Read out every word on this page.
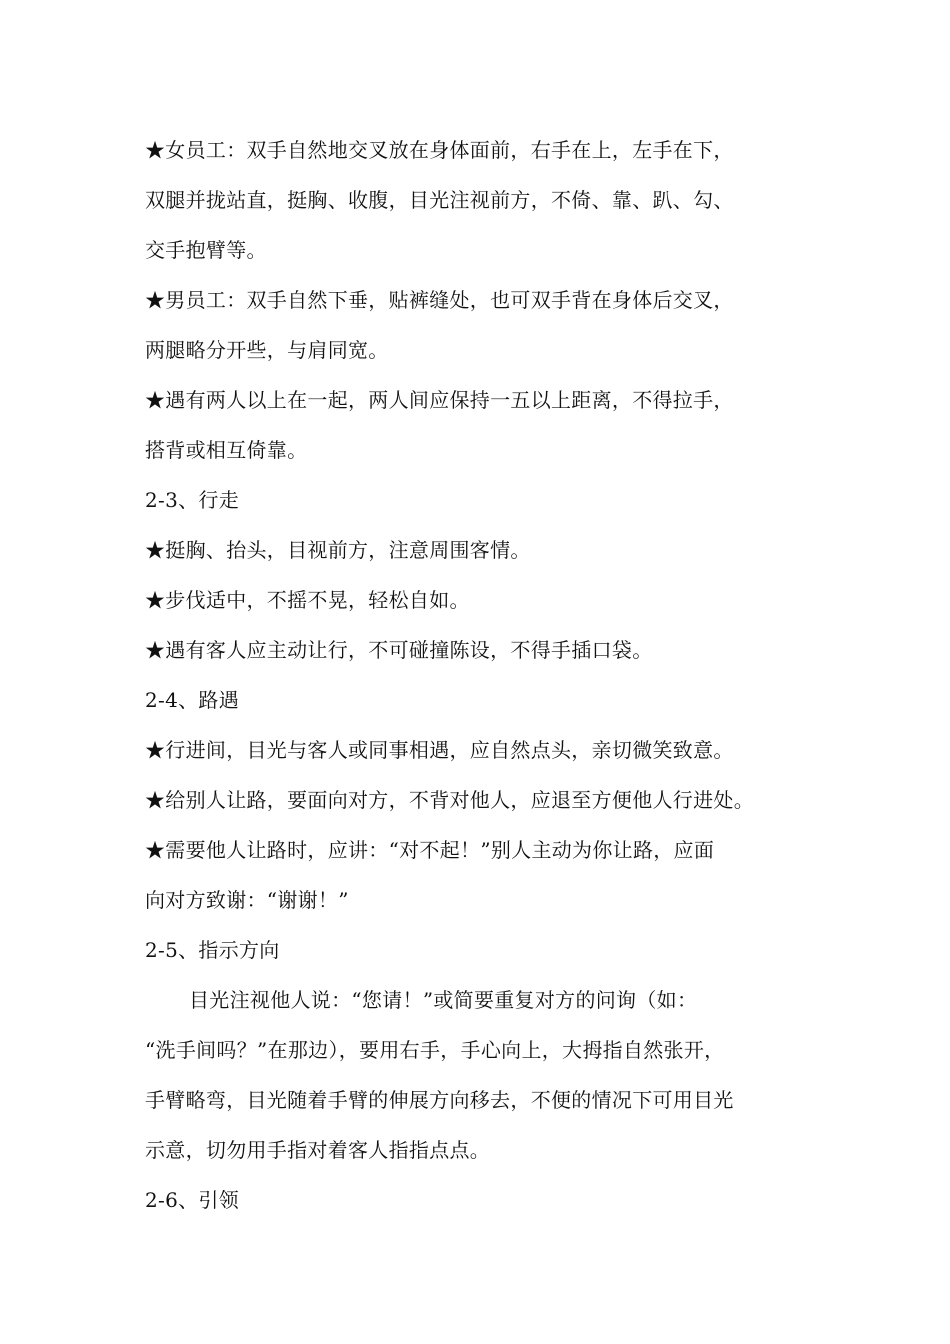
★女员工：双手自然地交叉放在身体面前，右手在上，左手在下，
双腿并拢站直，挺胸、收腹，目光注视前方，不倚、靠、趴、勾、
交手抱臂等。
★男员工：双手自然下垂，贴裤缝处，也可双手背在身体后交叉，
两腿略分开些，与肩同宽。
★遇有两人以上在一起，两人间应保持一五以上距离，不得拉手，
搭背或相互倚靠。
2-3、行走
★挺胸、抬头，目视前方，注意周围客情。
★步伐适中，不摇不晃，轻松自如。
★遇有客人应主动让行，不可碰撞陈设，不得手插口袋。
2-4、路遇
★行进间，目光与客人或同事相遇，应自然点头，亲切微笑致意。
★给别人让路，要面向对方，不背对他人，应退至方便他人行进处。
★需要他人让路时，应讲：“对不起！”别人主动为你让路，应面
向对方致谢：“谢谢！”
2-5、指示方向
目光注视他人说：“您请！”或简要重复对方的问询（如：
“洗手间吗？”在那边），要用右手，手心向上，大拇指自然张开，
手臂略弯，目光随着手臂的伸展方向移去，不便的情况下可用目光
示意，切勿用手指对着客人指指点点。
2-6、引领
